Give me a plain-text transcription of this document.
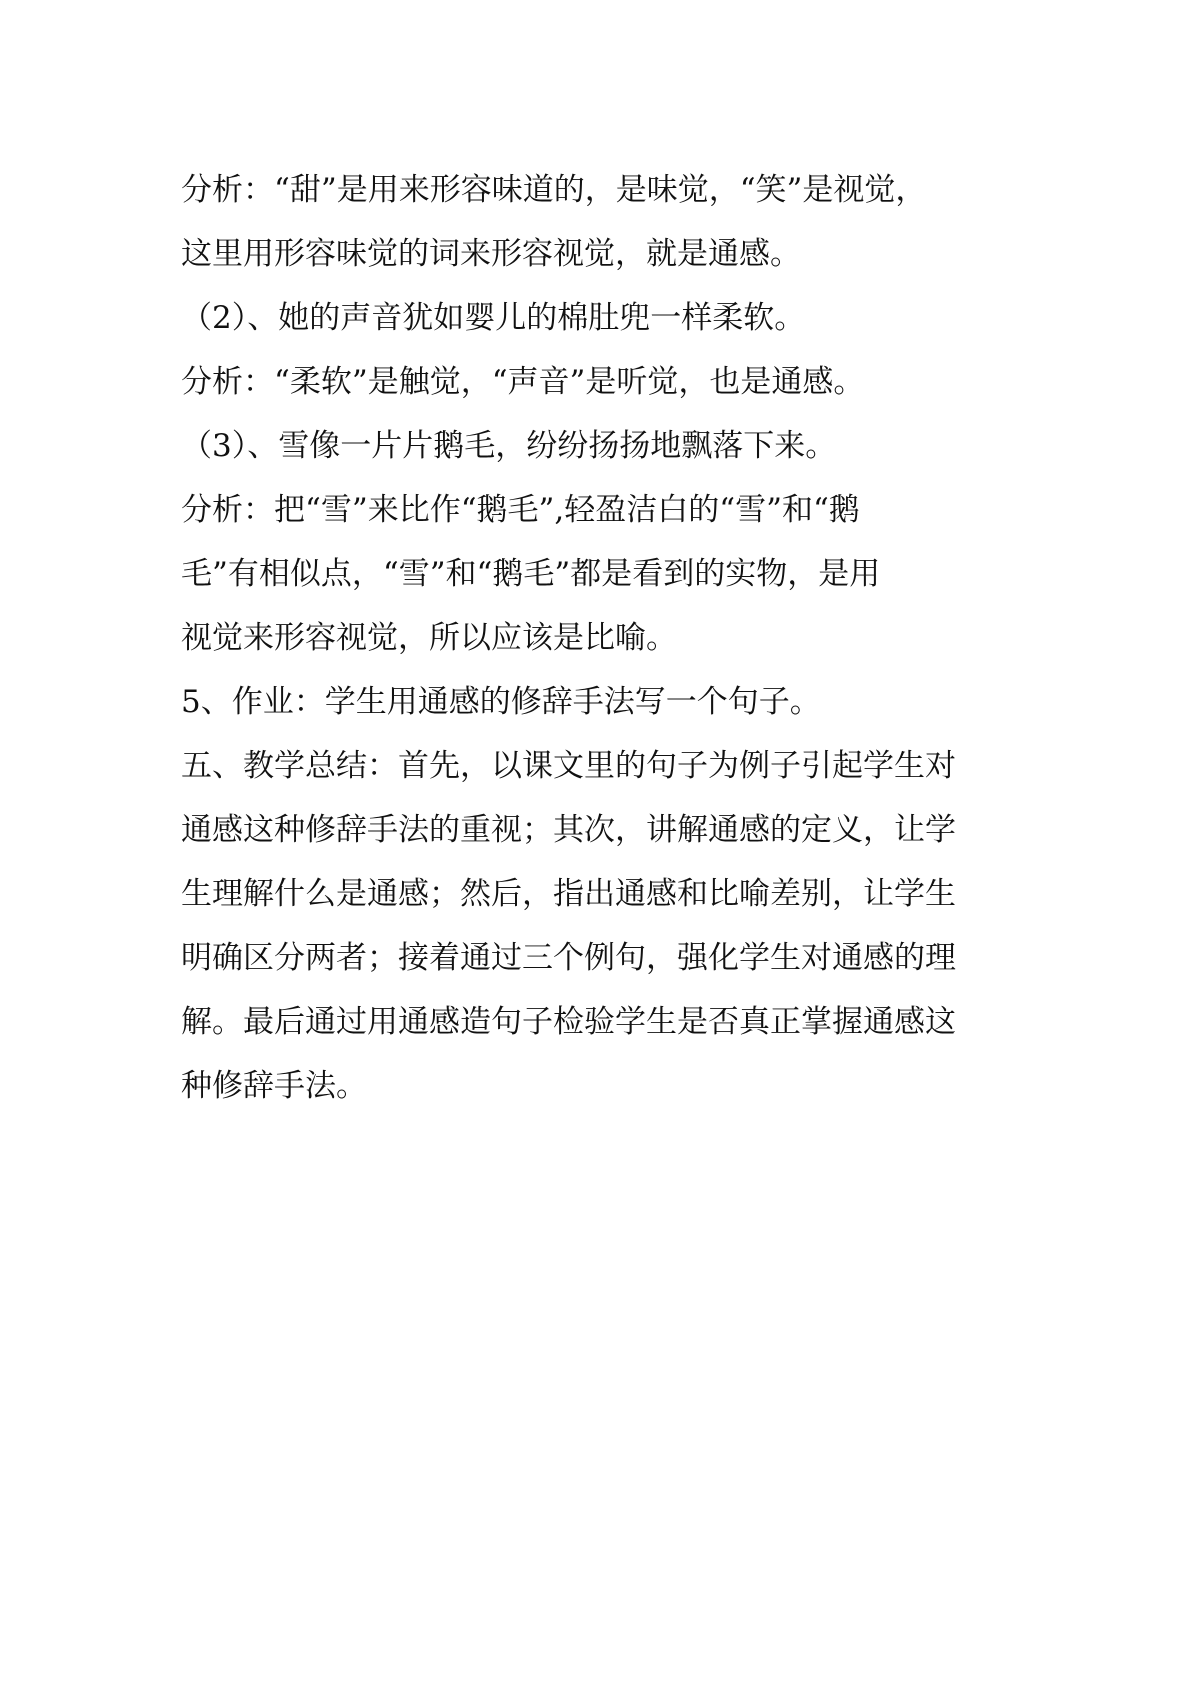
分析：“甜”是用来形容味道的，是味觉，“笑”是视觉，
这里用形容味觉的词来形容视觉，就是通感。
（2）、她的声音犹如婴儿的棉肚兜一样柔软。
分析：“柔软”是触觉，“声音”是听觉，也是通感。
（3）、雪像一片片鹅毛，纷纷扬扬地飘落下来。
分析：把“雪”来比作“鹅毛”,轻盈洁白的“雪”和“鹅
毛”有相似点，“雪”和“鹅毛”都是看到的实物，是用
视觉来形容视觉，所以应该是比喻。
5、作业：学生用通感的修辞手法写一个句子。
五、教学总结：首先，以课文里的句子为例子引起学生对
通感这种修辞手法的重视；其次，讲解通感的定义，让学
生理解什么是通感；然后，指出通感和比喻差别，让学生
明确区分两者；接着通过三个例句，强化学生对通感的理
解。最后通过用通感造句子检验学生是否真正掌握通感这
种修辞手法。
